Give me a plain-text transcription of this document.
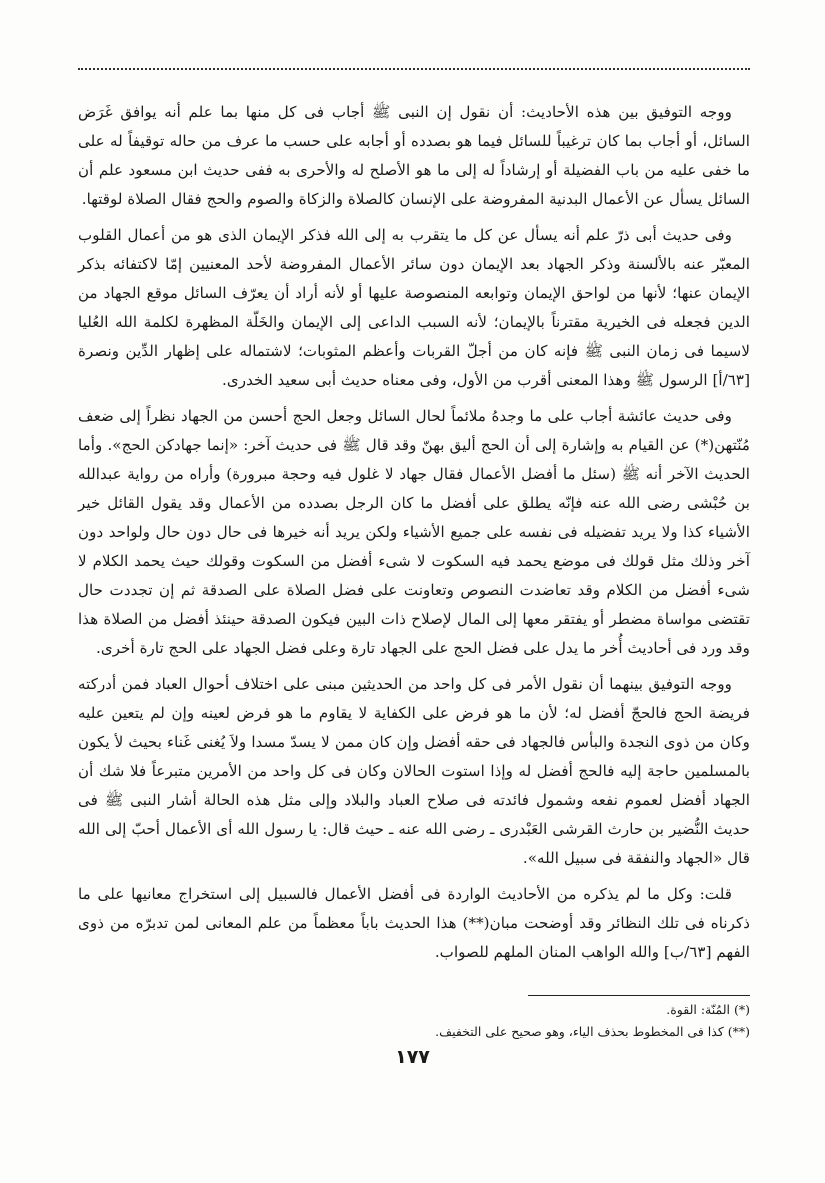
ووجه التوفيق بين هذه الأحاديث: أن نقول إن النبى ﷺ أجاب فى كل منها بما علم أنه يوافق غَرَض السائل، أو أجاب بما كان ترغيباً للسائل فيما هو بصدده أو أجابه على حسب ما عرف من حاله توقيفاً له على ما خفى عليه من باب الفضيلة أو إرشاداً له إلى ما هو الأصلح له والأحرى به ففى حديث ابن مسعود علم أن السائل يسأل عن الأعمال البدنية المفروضة على الإنسان كالصلاة والزكاة والصوم والحج فقال الصلاة لوقتها.

وفى حديث أبى ذرّ علم أنه يسأل عن كل ما يتقرب به إلى الله فذكر الإيمان الذى هو من أعمال القلوب المعبّر عنه بالألسنة وذكر الجهاد بعد الإيمان دون سائر الأعمال المفروضة لأحد المعنيين إمّا لاكتفائه بذكر الإيمان عنها؛ لأنها من لواحق الإيمان وتوابعه المنصوصة عليها أو لأنه أراد أن يعرّف السائل موقع الجهاد من الدين فجعله فى الخيرية مقترناً بالإيمان؛ لأنه السبب الداعى إلى الإيمان والخَلّة المظهرة لكلمة الله العُليا لاسيما فى زمان النبى ﷺ فإنه كان من أجلّ القربات وأعظم المثوبات؛ لاشتماله على إظهار الدِّين ونصرة [٦٣/أ] الرسول ﷺ وهذا المعنى أقرب من الأول، وفى معناه حديث أبى سعيد الخدرى.

وفى حديث عائشة أجاب على ما وجدهُ ملائماً لحال السائل وجعل الحج أحسن من الجهاد نظراً إلى ضعف مُنّتهن(*) عن القيام به وإشارة إلى أن الحج أليق بهنّ وقد قال ﷺ فى حديث آخر: «إنما جهادكن الحج». وأما الحديث الآخر أنه ﷺ (سئل ما أفضل الأعمال فقال جهاد لا غلول فيه وحجة مبرورة) وأراه من رواية عبدالله بن حُبْشى رضى الله عنه فإنّه يطلق على أفضل ما كان الرجل بصدده من الأعمال وقد يقول القائل خير الأشياء كذا ولا يريد تفضيله فى نفسه على جميع الأشياء ولكن يريد أنه خيرها فى حال دون حال ولواحد دون آخر وذلك مثل قولك فى موضع يحمد فيه السكوت لا شىء أفضل من السكوت وقولك حيث يحمد الكلام لا شىء أفضل من الكلام وقد تعاضدت النصوص وتعاونت على فضل الصلاة على الصدقة ثم إن تجددت حال تقتضى مواساة مضطر أو يفتقر معها إلى المال لإصلاح ذات البين فيكون الصدقة حينئذ أفضل من الصلاة هذا وقد ورد فى أحاديث أُخر ما يدل على فضل الحج على الجهاد تارة وعلى فضل الجهاد على الحج تارة أخرى.

ووجه التوفيق بينهما أن نقول الأمر فى كل واحد من الحديثين مبنى على اختلاف أحوال العباد فمن أدركته فريضة الحج فالحجّ أفضل له؛ لأن ما هو فرض على الكفاية لا يقاوم ما هو فرض لعينه وإن لم يتعين عليه وكان من ذوى النجدة والبأس فالجهاد فى حقه أفضل وإن كان ممن لا يسدّ مسدا ولاَ يُغنى غَناء بحيث لأ يكون بالمسلمين حاجة إليه فالحج أفضل له وإذا استوت الحالان وكان فى كل واحد من الأمرين متبرعاً فلا شك أن الجهاد أفضل لعموم نفعه وشمول فائدته فى صلاح العباد والبلاد وإلى مثل هذه الحالة أشار النبى ﷺ فى حديث النُّضير بن حارث القرشى العَبْدرى ـ رضى الله عنه ـ حيث قال: يا رسول الله أى الأعمال أحبّ إلى الله قال «الجهاد والنفقة فى سبيل الله».

قلت: وكل ما لم يذكره من الأحاديث الواردة فى أفضل الأعمال فالسبيل إلى استخراج معانيها على ما ذكرناه فى تلك النظائر وقد أوضحت مبان(**) هذا الحديث باباً معظماً من علم المعانى لمن تدبرّه من ذوى الفهم [٦٣/ب] والله الواهب المنان الملهم للصواب.

(*) المُنّة: القوة.

(**) كذا فى المخطوط بحذف الياء، وهو صحيح على التخفيف.

١٧٧
